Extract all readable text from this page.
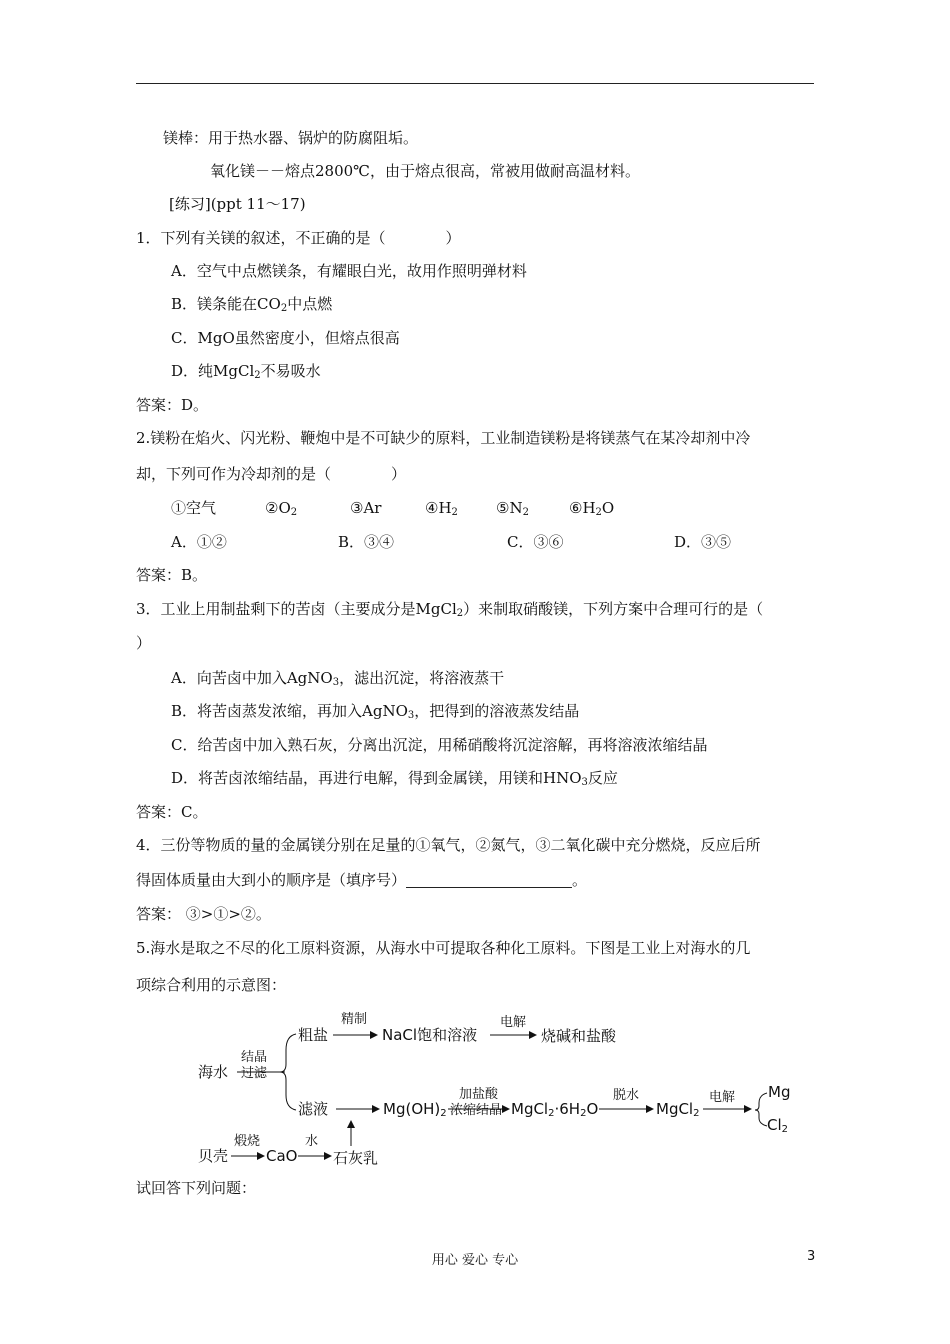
镁棒：用于热水器、锅炉的防腐阻垢。
氧化镁－－熔点2800℃，由于熔点很高，常被用做耐高温材料。
[练习](ppt 11～17)
1．下列有关镁的叙述，不正确的是（　　　　）
A．空气中点燃镁条，有耀眼白光，故用作照明弹材料
B．镁条能在$CO_2$中点燃
C．MgO虽然密度小，但熔点很高
D．纯MgCl$_2$不易吸水
答案：D。
2.镁粉在焰火、闪光粉、鞭炮中是不可缺少的原料，工业制造镁粉是将镁蒸气在某冷却剂中冷
却，下列可作为冷却剂的是（　　　　）
①空气	$②O_2$	③Ar	$④H_2$	$⑤N_2$	$⑥H_2O$
A．①②	B．③④	C．③⑥	D．③⑤
答案：B。
3．工业上用制盐剩下的苦卤（主要成分是MgCl$_2$）来制取硝酸镁，下列方案中合理可行的是（
）
A．向苦卤中加入AgNO$_3$，滤出沉淀，将溶液蒸干
B．将苦卤蒸发浓缩，再加入AgNO$_3$，把得到的溶液蒸发结晶
C．给苦卤中加入熟石灰，分离出沉淀，用稀硝酸将沉淀溶解，再将溶液浓缩结晶
D．将苦卤浓缩结晶，再进行电解，得到金属镁，用镁和$HNO_3$反应
答案：C。
4．三份等物质的量的金属镁分别在足量的①氧气，②氮气，③二氧化碳中充分燃烧，反应后所
得固体质量由大到小的顺序是（填序号）	。
答案： ③>①>②。
5.海水是取之不尽的化工原料资源，从海水中可提取各种化工原料。下图是工业上对海水的几
项综合利用的示意图：
海水
结晶
过滤
粗盐
精制
NaCl饱和溶液
电解
烧碱和盐酸
滤液	$Mg(OH)_2$
加盐酸
浓缩结晶 $MgCl_2\cdot 6H_2O$
脱水
MgCl$_2$
电解 Mg
$Cl_2$
贝壳
煅烧
CaO
水
石灰乳
试回答下列问题：
用心 爱心 专心	3
